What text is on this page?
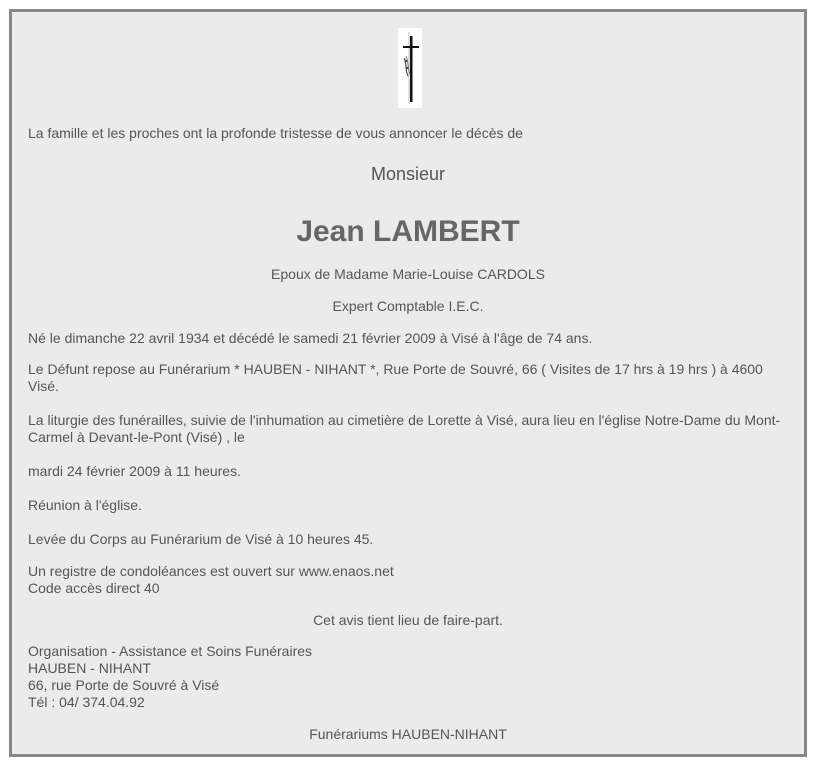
La famille et les proches ont la profonde tristesse de vous annoncer le décès de
Monsieur
Jean LAMBERT
Epoux de Madame Marie-Louise CARDOLS
Expert Comptable I.E.C.
Né le dimanche 22 avril 1934 et décédé le samedi 21 février 2009 à Visé à l'âge de 74 ans.
Le Défunt repose au Funérarium * HAUBEN - NIHANT *, Rue Porte de Souvré, 66 ( Visites de 17 hrs à 19 hrs ) à 4600 Visé.
La liturgie des funérailles, suivie de l'inhumation au cimetière de Lorette à Visé, aura lieu en l'église Notre-Dame du Mont-Carmel à Devant-le-Pont (Visé) , le
mardi 24 février 2009 à 11 heures.
Réunion à l'église.
Levée du Corps au Funérarium de Visé à 10 heures 45.
Un registre de condoléances est ouvert sur www.enaos.net
Code accès direct 40
Cet avis tient lieu de faire-part.
Organisation - Assistance et Soins Funéraires
HAUBEN - NIHANT
66, rue Porte de Souvré à Visé
Tél : 04/ 374.04.92
Funérariums HAUBEN-NIHANT
